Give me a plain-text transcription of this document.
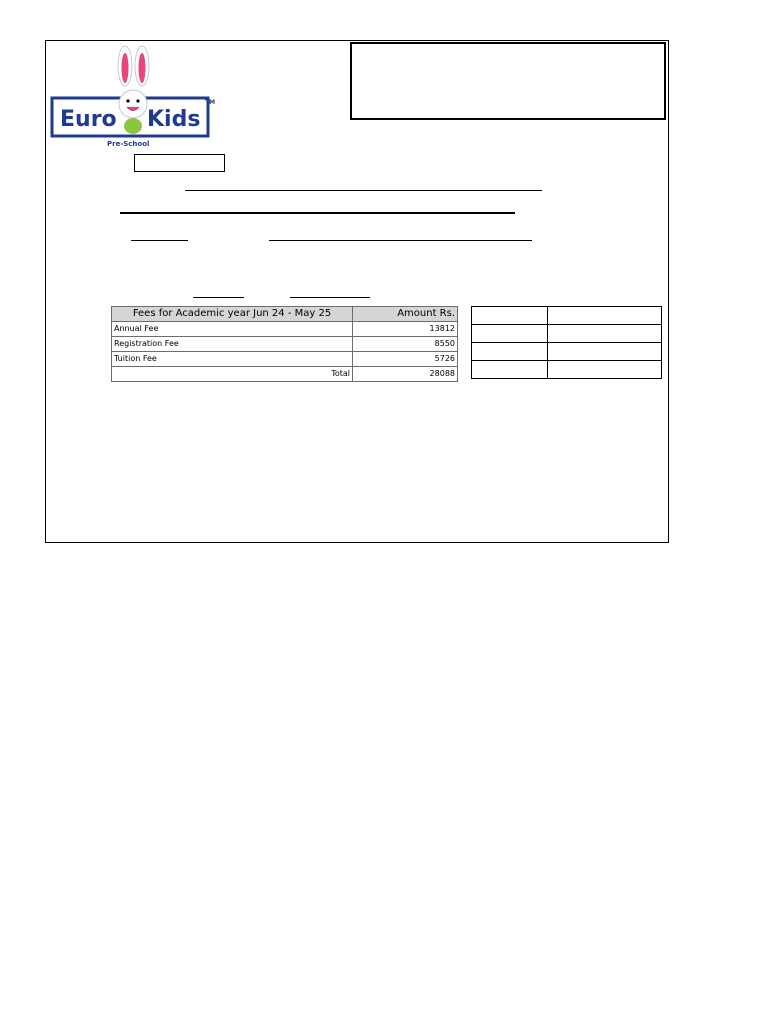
Euro Kids
TM
Pre-School
Fees for Academic year Jun 24 - May 25	Amount Rs.
Annual Fee	13812
Registration Fee	8550
Tuition Fee	5726
Total	28088
